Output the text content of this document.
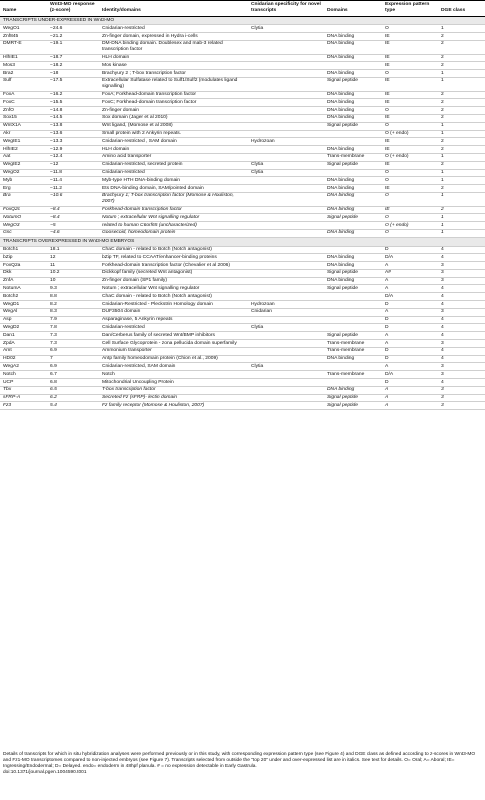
Name	Wnt3-MO response (z-score)	Identity/domains	Cnidarian specificity for novel transcripts	Domains	Expression pattern type	DGE class
TRANSCRIPTS UNDER-EXPRESSED IN Wnt3-MO						
WegO1	−24.6	Cnidarian-restricted	Clytia		O	1
Znf845	−21.2	Zn-finger domain, expressed in Hydra i-cells		DNA binding	IE	2
DMRT-E	−19.1	DM-DNA binding domain. Doublesex and mab-3 related transcription factor		DNA binding	IE	2
HlhIE1	−18.7	HLH domain		DNA binding	IE	2
Mos3	−18.2	Mos kinase			IE	2
Bra2	−18	Brachyury 2 ; T-box transcription factor		DNA binding	O	1
Sulf	−17.5	Extracellular Sulfatase related to Sulf1/Sulf2 (modulates ligand signalling)		Signal peptide	IE	1
FoxA	−16.2	FoxA; Forkhead-domain transcription factor		DNA binding	IE	2
FoxC	−15.5	FoxC; Forkhead-domain transcription factor		DNA binding	IE	2
ZnfO	−14.8	Zn-finger domain		DNA binding	O	2
Sox15	−14.5	Sox domain (Jager et al 2010)		DNA binding	IE	2
WntX1A	−13.8	Wnt ligand, (Momose et al 2008)		Signal peptide	O	1
Akr	−13.6	Small protein with 2 Ankyrin repeats.			O (+ endo)	1
WegIE1	−13.3	Cnidarian-restricted , SAM domain	Hydrozoan		IE	2
HlhIE2	−12.9	HLH domain		DNA binding	IE	2
Aat	−12.4	Amino acid transporter		Trans-membrane	O (+ endo)	1
WegIE2	−12	Cnidarian-restricted, secreted protein	Clytia	Signal peptide	IE	2
WegO2	−11.8	Cnidarian-restricted	Clytia		O	1
Myb	−11.4	Myb-type HTH DNA-binding domain		DNA binding	O	1
Erg	−11.2	Ets DNA-binding domain, SAM/pointed domain		DNA binding	IE	2
Bra	−10.6	Brachyury 1; T-box transcription factor (Momose & Houliston, 2007)		DNA binding	O	1
FoxQ2c	−8.4	Forkhead-domain transcription factor		DNA binding	IE	2
NotumO	−8.4	Notum ; extracellular Wnt signalling regulator		Signal peptide	O	1
WegO3	−5	related to human C6orf65 (uncharacterized)			O (+ endo)	1
Gsc	−4.6	Goosecoid, homeodomain protein		DNA binding	O	1
TRANSCRIPTS OVEREXPRESSED IN Wnt3-MO EMBRYOS						
Botch1	18.1	ChaC domain - related to Botch (Notch antagonist)			D	4
bZip	12	bZip TF, related to CCAAT/enhancer-binding proteins		DNA binding	D/A	4
FoxQ2a	11	Forkhead-domain transcription factor (Chevalier et al 2006)		DNA binding	A	3
Dkk	10.2	Dickkopf family (secreted Wnt antagonist)		Signal peptide	A#	3
ZnfA	10	Zn-finger domain (SP1 family)		DNA binding	A	3
NotumA	9.3	Notum ; extracellular Wnt signalling regulator		Signal peptide	A	4
Botch2	8.8	ChaC domain - related to Botch (Notch antagonist)			D/A	4
WegD1	8.2	Cnidarian-Restricted - Pleckstrin Homology domain	Hydrozoan		D	4
WegAl	8.3	DUF3504 domain	Cnidarian		A	3
Asp	7.9	Asparaginase, 5 Ankyrin repeats			D	4
WegD2	7.8	Cnidarian-restricted	Clytia		D	4
Dan1	7.3	Dan/Cerberus family of secreted Wnt/BMP inhibitors		Signal peptide	A	4
ZpdA	7.3	Cell Surface Glycoprotein - zona pellucida domain superfamily		Trans-membrane	A	3
Amt	6.9	Ammonium transporter		Trans-membrane	D	4
HD02	7	Antp family homeodomain protein (Chion et al., 2009)		DNA binding	D	4
WegA2	6.9	Cnidarian-restricted, SAM domain	Clytia		A	3
Notch	6.7	Notch		Trans-membrane	D/A	3
UCP	6.8	Mitochondrial Uncoupling Protein			D	4
Tbx	6.5	T-box transcription factor		DNA binding	A	3
sFRP-A	6.2	Secreted Fz (sFRP)- lectin domain		Signal peptide	A	3
Fz3	5.4	Fz family receptor (Momose & Houliston, 2007)		Signal peptide	A	3

Details of transcripts for which in situ hybridization analyses were performed previously or in this study, with corresponding expression pattern type (see Figure 4) and DGE class as defined according to z-scores in Wnt3-MO and Fz1-MO transcriptomes compared to non-injected embryos (see Figure 7). Transcripts selected from outside the "top 20" under and over-expressed list are in italics. See text for details. O= Oral; A= Aboral; IE= Ingressing/Endodermal; D= Delayed. endo= endoderm in 48hpf planula. # = no expression detectable in Early Gastrula.

doi:10.1371/journal.pgen.1004590.t001
